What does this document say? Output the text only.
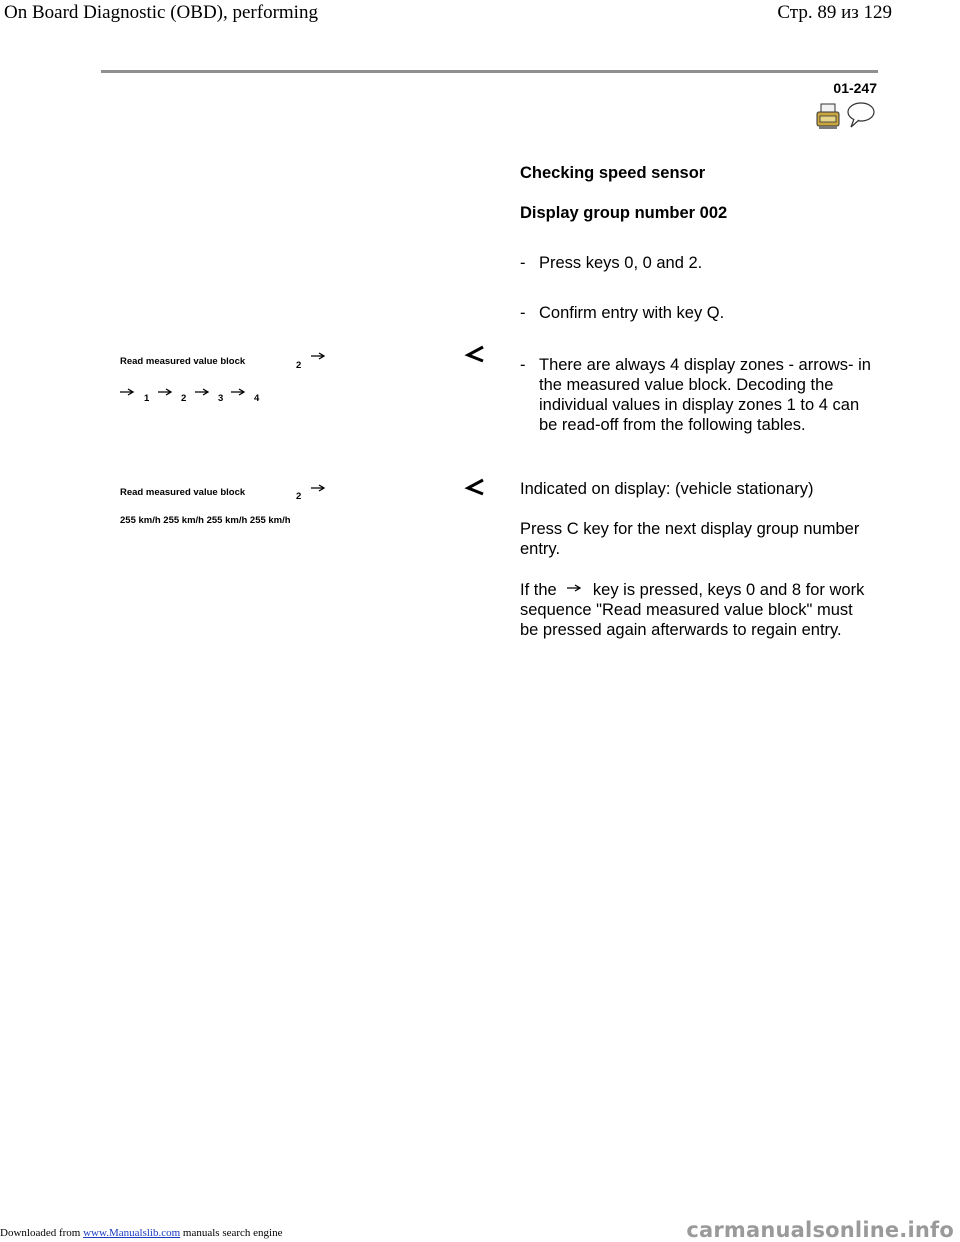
On Board Diagnostic (OBD), performing	Стр. 89 из 129
01-247
Checking speed sensor
Display group number 002
- Press keys 0, 0 and 2.
- Confirm entry with key Q.
- There are always 4 display zones - arrows- in the measured value block. Decoding the individual values in display zones 1 to 4 can be read-off from the following tables.
Read measured value block	2
1	2	3	4
Read measured value block	2
255 km/h 255 km/h 255 km/h 255 km/h
Indicated on display: (vehicle stationary)
Press C key for the next display group number entry.
If the key is pressed, keys 0 and 8 for work sequence "Read measured value block" must be pressed again afterwards to regain entry.
Downloaded from www.Manualslib.com manuals search engine	carmanualsonline.info
